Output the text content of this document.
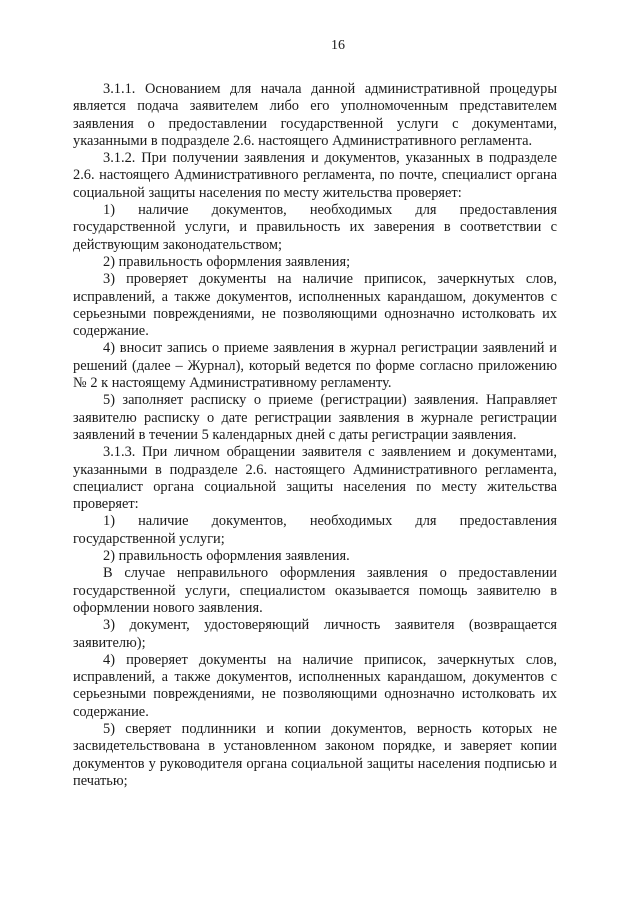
16

3.1.1. Основанием для начала данной административной процедуры является подача заявителем либо его уполномоченным представителем заявления о предоставлении государственной услуги с документами, указанными в подразделе 2.6. настоящего Административного регламента.

3.1.2. При получении заявления и документов, указанных в подразделе 2.6. настоящего Административного регламента, по почте, специалист органа социальной защиты населения по месту жительства проверяет:

1) наличие документов, необходимых для предоставления государственной услуги, и правильность их заверения в соответствии с действующим законодательством;

2) правильность оформления заявления;

3) проверяет документы на наличие приписок, зачеркнутых слов, исправлений, а также документов, исполненных карандашом, документов с серьезными повреждениями, не позволяющими однозначно истолковать их содержание.

4) вносит запись о приеме заявления в журнал регистрации заявлений и решений (далее – Журнал), который ведется по форме согласно приложению № 2 к настоящему Административному регламенту.

5) заполняет расписку о приеме (регистрации) заявления. Направляет заявителю расписку о дате регистрации заявления в журнале регистрации заявлений в течении 5 календарных дней с даты регистрации заявления.

3.1.3. При личном обращении заявителя с заявлением и документами, указанными в подразделе 2.6. настоящего Административного регламента, специалист органа социальной защиты населения по месту жительства проверяет:

1) наличие документов, необходимых для предоставления государственной услуги;

2) правильность оформления заявления.

В случае неправильного оформления заявления о предоставлении государственной услуги, специалистом оказывается помощь заявителю в оформлении нового заявления.

3) документ, удостоверяющий личность заявителя (возвращается заявителю);

4) проверяет документы на наличие приписок, зачеркнутых слов, исправлений, а также документов, исполненных карандашом, документов с серьезными повреждениями, не позволяющими однозначно истолковать их содержание.

5) сверяет подлинники и копии документов, верность которых не засвидетельствована в установленном законом порядке, и заверяет копии документов у руководителя органа социальной защиты населения подписью и печатью;
